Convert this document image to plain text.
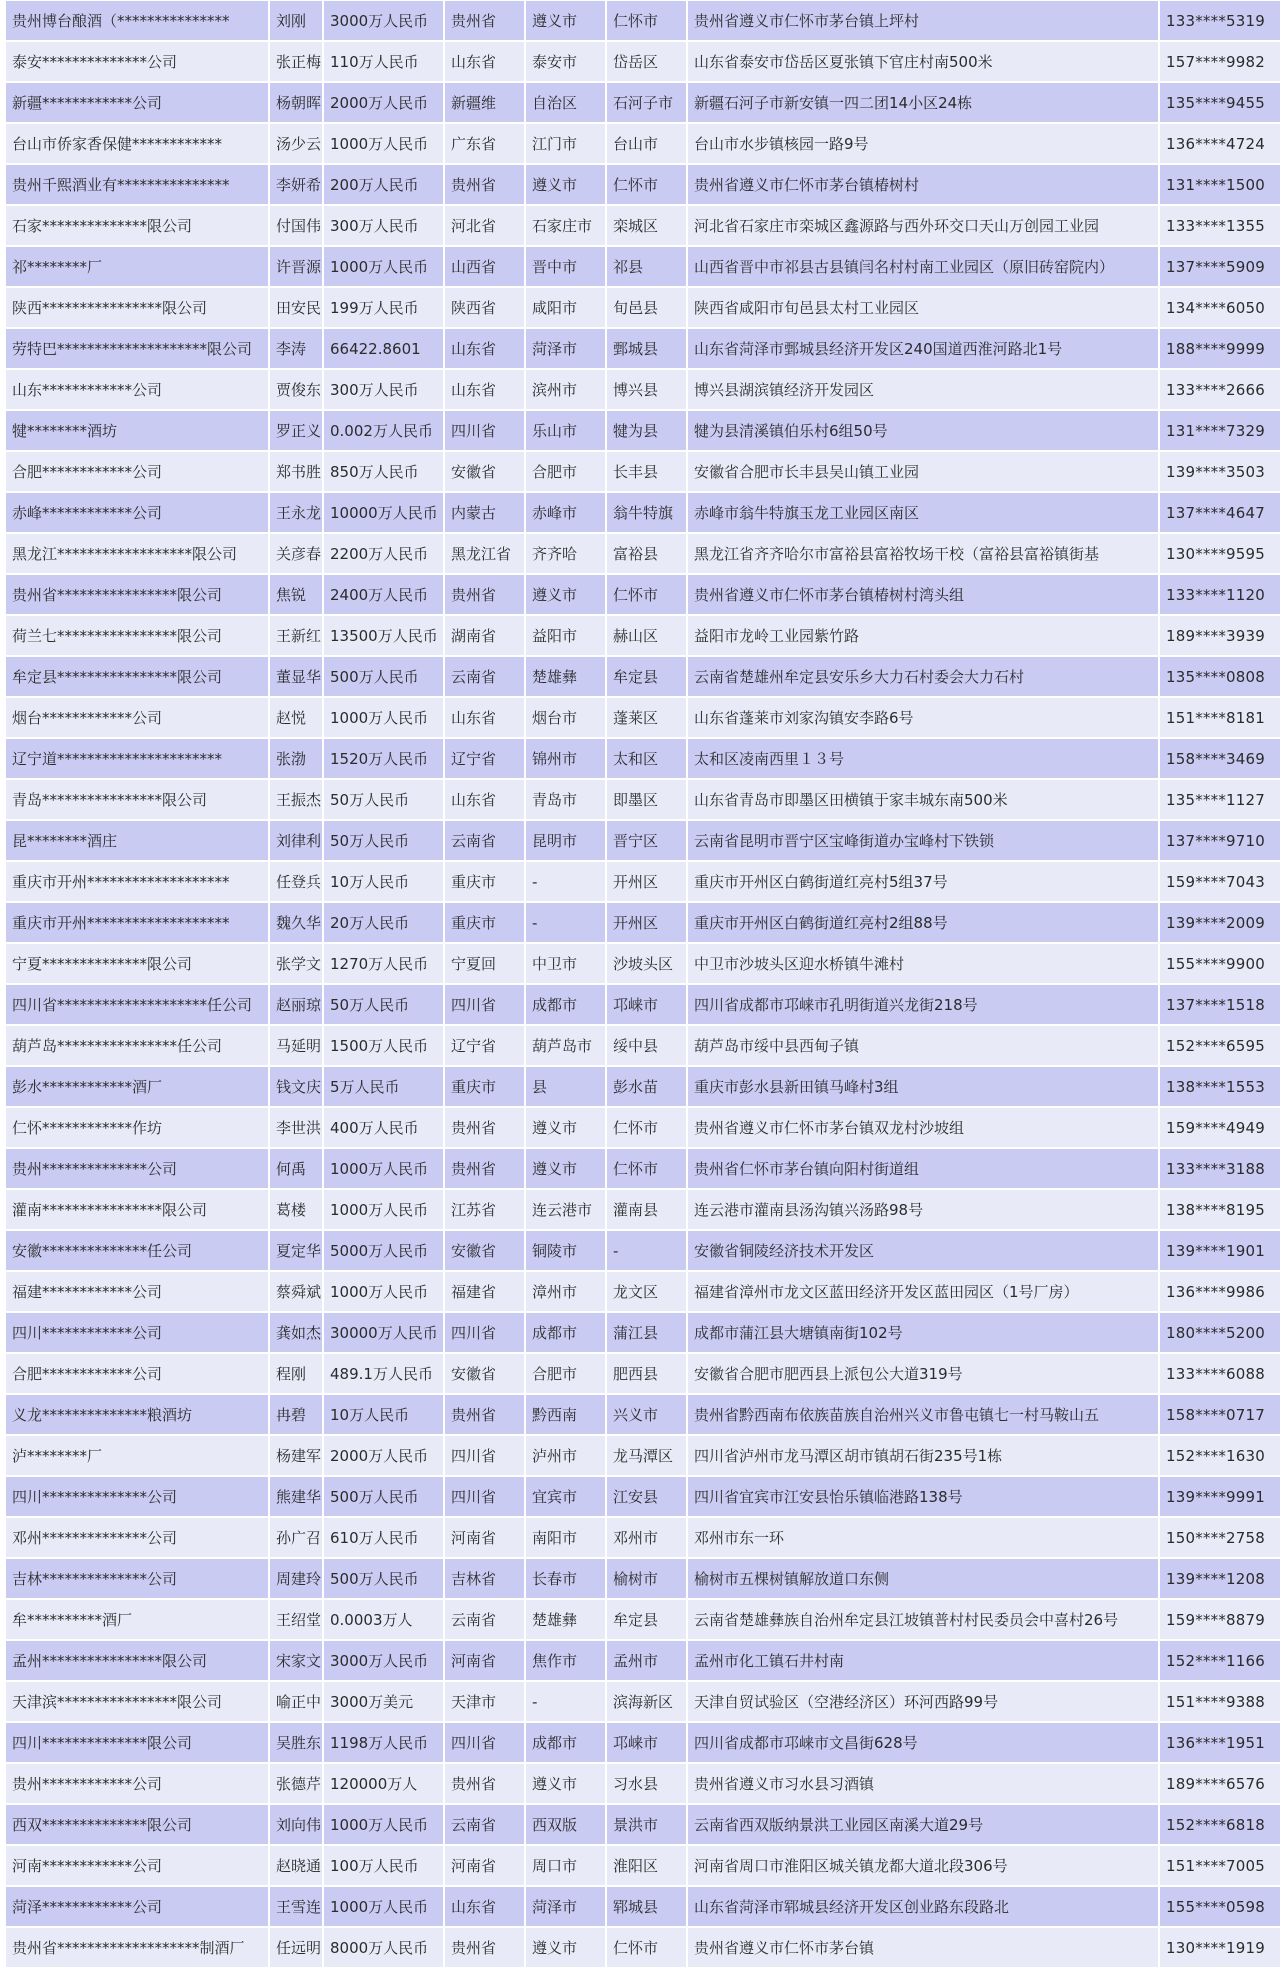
贵州博台酿酒（***************	刘刚	3000万人民币	贵州省	遵义市	仁怀市	贵州省遵义市仁怀市茅台镇上坪村	133****5319
泰安**************公司	张正梅	110万人民币	山东省	泰安市	岱岳区	山东省泰安市岱岳区夏张镇下官庄村南500米	157****9982
新疆************公司	杨朝晖	2000万人民币	新疆维	自治区	石河子市	新疆石河子市新安镇一四二团14小区24栋	135****9455
台山市侨家香保健************	汤少云	1000万人民币	广东省	江门市	台山市	台山市水步镇核园一路9号	136****4724
贵州千熙酒业有***************	李妍希	200万人民币	贵州省	遵义市	仁怀市	贵州省遵义市仁怀市茅台镇椿树村	131****1500
石家**************限公司	付国伟	300万人民币	河北省	石家庄市	栾城区	河北省石家庄市栾城区鑫源路与西外环交口天山万创园工业园	133****1355
祁********厂	许晋源	1000万人民币	山西省	晋中市	祁县	山西省晋中市祁县古县镇闫名村村南工业园区（原旧砖窑院内）	137****5909
陕西****************限公司	田安民	199万人民币	陕西省	咸阳市	旬邑县	陕西省咸阳市旬邑县太村工业园区	134****6050
劳特巴********************限公司	李涛	66422.8601	山东省	菏泽市	鄄城县	山东省菏泽市鄄城县经济开发区240国道西淮河路北1号	188****9999
山东************公司	贾俊东	300万人民币	山东省	滨州市	博兴县	博兴县湖滨镇经济开发园区	133****2666
犍********酒坊	罗正义	0.002万人民币	四川省	乐山市	犍为县	犍为县清溪镇伯乐村6组50号	131****7329
合肥************公司	郑书胜	850万人民币	安徽省	合肥市	长丰县	安徽省合肥市长丰县吴山镇工业园	139****3503
赤峰************公司	王永龙	10000万人民币	内蒙古	赤峰市	翁牛特旗	赤峰市翁牛特旗玉龙工业园区南区	137****4647
黑龙江******************限公司	关彦春	2200万人民币	黑龙江省	齐齐哈	富裕县	黑龙江省齐齐哈尔市富裕县富裕牧场干校（富裕县富裕镇街基	130****9595
贵州省****************限公司	焦锐	2400万人民币	贵州省	遵义市	仁怀市	贵州省遵义市仁怀市茅台镇椿树村湾头组	133****1120
荷兰七****************限公司	王新红	13500万人民币	湖南省	益阳市	赫山区	益阳市龙岭工业园紫竹路	189****3939
牟定县****************限公司	董显华	500万人民币	云南省	楚雄彝	牟定县	云南省楚雄州牟定县安乐乡大力石村委会大力石村	135****0808
烟台************公司	赵悦	1000万人民币	山东省	烟台市	蓬莱区	山东省蓬莱市刘家沟镇安李路6号	151****8181
辽宁道**********************	张渤	1520万人民币	辽宁省	锦州市	太和区	太和区凌南西里１３号	158****3469
青岛****************限公司	王振杰	50万人民币	山东省	青岛市	即墨区	山东省青岛市即墨区田横镇于家丰城东南500米	135****1127
昆********酒庄	刘律利	50万人民币	云南省	昆明市	晋宁区	云南省昆明市晋宁区宝峰街道办宝峰村下铁锁	137****9710
重庆市开州*******************	任登兵	10万人民币	重庆市	-	开州区	重庆市开州区白鹤街道红亮村5组37号	159****7043
重庆市开州*******************	魏久华	20万人民币	重庆市	-	开州区	重庆市开州区白鹤街道红亮村2组88号	139****2009
宁夏**************限公司	张学文	1270万人民币	宁夏回	中卫市	沙坡头区	中卫市沙坡头区迎水桥镇牛滩村	155****9900
四川省********************任公司	赵丽琼	50万人民币	四川省	成都市	邛崃市	四川省成都市邛崃市孔明街道兴龙街218号	137****1518
葫芦岛****************任公司	马延明	1500万人民币	辽宁省	葫芦岛市	绥中县	葫芦岛市绥中县西甸子镇	152****6595
彭水************酒厂	钱文庆	5万人民币	重庆市	县	彭水苗	重庆市彭水县新田镇马峰村3组	138****1553
仁怀************作坊	李世洪	400万人民币	贵州省	遵义市	仁怀市	贵州省遵义市仁怀市茅台镇双龙村沙坡组	159****4949
贵州**************公司	何禹	1000万人民币	贵州省	遵义市	仁怀市	贵州省仁怀市茅台镇向阳村街道组	133****3188
灌南****************限公司	葛楼	1000万人民币	江苏省	连云港市	灌南县	连云港市灌南县汤沟镇兴汤路98号	138****8195
安徽**************任公司	夏定华	5000万人民币	安徽省	铜陵市	-	安徽省铜陵经济技术开发区	139****1901
福建************公司	蔡舜斌	1000万人民币	福建省	漳州市	龙文区	福建省漳州市龙文区蓝田经济开发区蓝田园区（1号厂房）	136****9986
四川************公司	龚如杰	30000万人民币	四川省	成都市	蒲江县	成都市蒲江县大塘镇南街102号	180****5200
合肥************公司	程刚	489.1万人民币	安徽省	合肥市	肥西县	安徽省合肥市肥西县上派包公大道319号	133****6088
义龙**************粮酒坊	冉碧	10万人民币	贵州省	黔西南	兴义市	贵州省黔西南布依族苗族自治州兴义市鲁屯镇七一村马鞍山五	158****0717
泸********厂	杨建军	2000万人民币	四川省	泸州市	龙马潭区	四川省泸州市龙马潭区胡市镇胡石街235号1栋	152****1630
四川**************公司	熊建华	500万人民币	四川省	宜宾市	江安县	四川省宜宾市江安县怡乐镇临港路138号	139****9991
邓州**************公司	孙广召	610万人民币	河南省	南阳市	邓州市	邓州市东一环	150****2758
吉林**************公司	周建玲	500万人民币	吉林省	长春市	榆树市	榆树市五棵树镇解放道口东侧	139****1208
牟**********酒厂	王绍堂	0.0003万人	云南省	楚雄彝	牟定县	云南省楚雄彝族自治州牟定县江坡镇普村村民委员会中喜村26号	159****8879
孟州****************限公司	宋家文	3000万人民币	河南省	焦作市	孟州市	孟州市化工镇石井村南	152****1166
天津滨****************限公司	喻正中	3000万美元	天津市	-	滨海新区	天津自贸试验区（空港经济区）环河西路99号	151****9388
四川**************限公司	吴胜东	1198万人民币	四川省	成都市	邛崃市	四川省成都市邛崃市文昌街628号	136****1951
贵州************公司	张德芹	120000万人	贵州省	遵义市	习水县	贵州省遵义市习水县习酒镇	189****6576
西双**************限公司	刘向伟	1000万人民币	云南省	西双版	景洪市	云南省西双版纳景洪工业园区南溪大道29号	152****6818
河南************公司	赵晓通	100万人民币	河南省	周口市	淮阳区	河南省周口市淮阳区城关镇龙都大道北段306号	151****7005
菏泽************公司	王雪连	1000万人民币	山东省	菏泽市	郓城县	山东省菏泽市郓城县经济开发区创业路东段路北	155****0598
贵州省*******************制酒厂	任远明	8000万人民币	贵州省	遵义市	仁怀市	贵州省遵义市仁怀市茅台镇	130****1919
